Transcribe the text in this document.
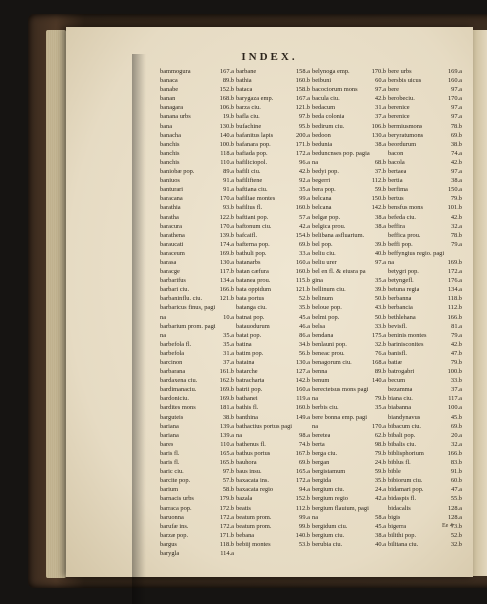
INDEX.
bammogura	167.a
banaca	89.b
banabe	152.b
banan	168.b
banagara	106.b
banana urbs	19.b
bana	130.b
banacha	140.a
banchis	100.b
banchis	118.a
banchis	110.a
baniobæ pop.	89.a
baniuos	91.a
banturari	91.a
baracana	170.a
barathia	93.b
baratha	122.b
baracura	170.a
barathena	139.b
baraucati	174.a
baraceum	169.b
barasa	130.a
baracge	117.b
barbarifus	134.a
barbari ciu.	166.b
barbaninflu. ciu.	121.b
barbaricus finus, pagi
na	10.a
barbarium prom. pagi
na	35.a
barbefola fl.	35.a
barbefola	31.a
barcinon	37.a
barbarana	161.b
bardaxena ciu.	162.b
bardimanaciu.	169.b
bardoniciu.	169.b
bardites mons	181.a
barguteis	38.b
bariana	139.a
bariana	139.a
bares	110.a
baris fl.	165.a
baris fl.	165.b
baric ciu.	97.b
barcite pop.	57.b
barium	58.b
barnacis urbs	179.b
barraca pop.	172.b
baruonna	172.a
barufæ ins.	172.a
barzæ pop.	171.b
bargus	118.b
barygla	114.a
barbane	158.a
bathia	160.b
bataca	158.b
barygaza emp.	167.a
barza ciu.	121.b
bafla ciu.	97.b
bufachine	95.b
bafanitus lapis	200.a
bafanara pop.	171.b
bafiada pop.	172.a
bafiliciopol.	96.a
bafili ciu.	42.b
bafiliftene	92.a
baftiana ciu.	35.a
bafiliae montes	99.a
bafilius fl.	160.b
baftiani pop.	57.a
baftonum ciu.	42.a
bafcaifl.	154.b
bafterna pop.	69.b
bathuli pop.	33.a
batanarbs	160.a
batan cæfura	160.b
batanea prou.	115.b
bata oppidum	121.b
bata portus	52.b
batanga ciu.	35.b
batnai pop.	45.a
batauodurum	46.a
batat pop.	86.a
batina	34.b
batim pop.	56.b
bataina	130.a
batarche	127.a
batracharta	142.b
batrii pop.	160.a
bathanei	119.a
bathis fl.	160.b
banthina	149.a
bathactius portus pagi
na	98.a
bathenus fl.	74.b
bathus portus	167.b
bauhora	69.b
baus insu.	165.a
baxacata ins.	172.a
baxacata regio	94.a
bazala	152.b
beatis	112.b
beatum prom.	99.a
beatum prom.	99.b
bebana	140.b
bebiij montes	53.b
belynoga emp.	170.b
beibuni	60.a
bacociorum mons	97.a
bacula ciu.	42.b
bedacum	31.a
beda colonia	37.a
bedirum ciu.	106.b
bedoon	130.a
bedunia	38.a
beduncnses pop. pagia
na	68.b
bedyi pop.	37.b
begerri	112.b
bera pop.	59.b
belcana	150.b
belcana	142.b
belgæ pop.	38.a
belgica prou.	38.a
belibana asfluarium.
bel pop.	39.b
beliu ciu.	40.b
beliu urer	97.a
bel en fl. & eiusra pa
gina	35.a
bellinum ciu.	39.b
belinum	50.b
beloue pop.	43.b
belmi pop.	50.b
belsa	33.b
bendana	175.a
benlauni pop.	32.b
beneac prou.	76.a
benagorum ciu.	168.a
benna	89.b
benum	140.a
berectetsus mons pagi
na	79.b
berbis ciu.	35.a
bere bonna emp. pagi
na	170.a
beretea	62.b
berta	98.b
berga ciu.	79.b
bergan	24.b
bergistamum	59.b
bergida	35.b
bergium ciu.	24.a
bergium regio	42.a
bergium flauium, pagi
na	58.a
bergidum ciu.	45.a
bergium ciu.	38.a
berubia ciu.	40.a
bere urbs	169.a
bersbis uicus	160.a
bere	97.a
berobeciu.	170.a
berenice	97.a
berenice	97.a
bermiusmons	78.b
beryratumons	69.b
beordurum	38.b
bacon	74.a
bacola	42.b
bertaea	97.a
bertia	38.a
berfima	150.a
bertus	79.b
bensfus mons	101.b
befeda ciu.	42.b
beffira	32.a
beffica prou.	78.b
beffi pop.	79.a
beffyngius regio. pagi
na	169.b
betygri pop.	172.a
betyngefl.	176.a
betuna regia	134.a
berbanna	118.b
berbancia	112.b
bethlehana	166.b
bevisfl.	81.a
beninis montes	79.a
barinisconites	42.b
banisfl.	47.b
batiæ	79.b
batrogabri	100.b
becum	33.b
bezamma	37.a
biana ciu.	117.a
biabanna	100.a
biandynavus	45.b
bibacum ciu.	69.b
bibali pop.	20.a
bibalis ciu.	32.a
biblisphorium	166.b
biblus fl.	83.b
bible	91.b
bibiorum ciu.	60.b
bidamari pop.	47.a
bidaspis fl.	55.b
bidacalis	128.a
bigis	128.a
bigerra	73.b
bilithi pop.	52.b
bilitana ciu.	32.b
Ee 4
